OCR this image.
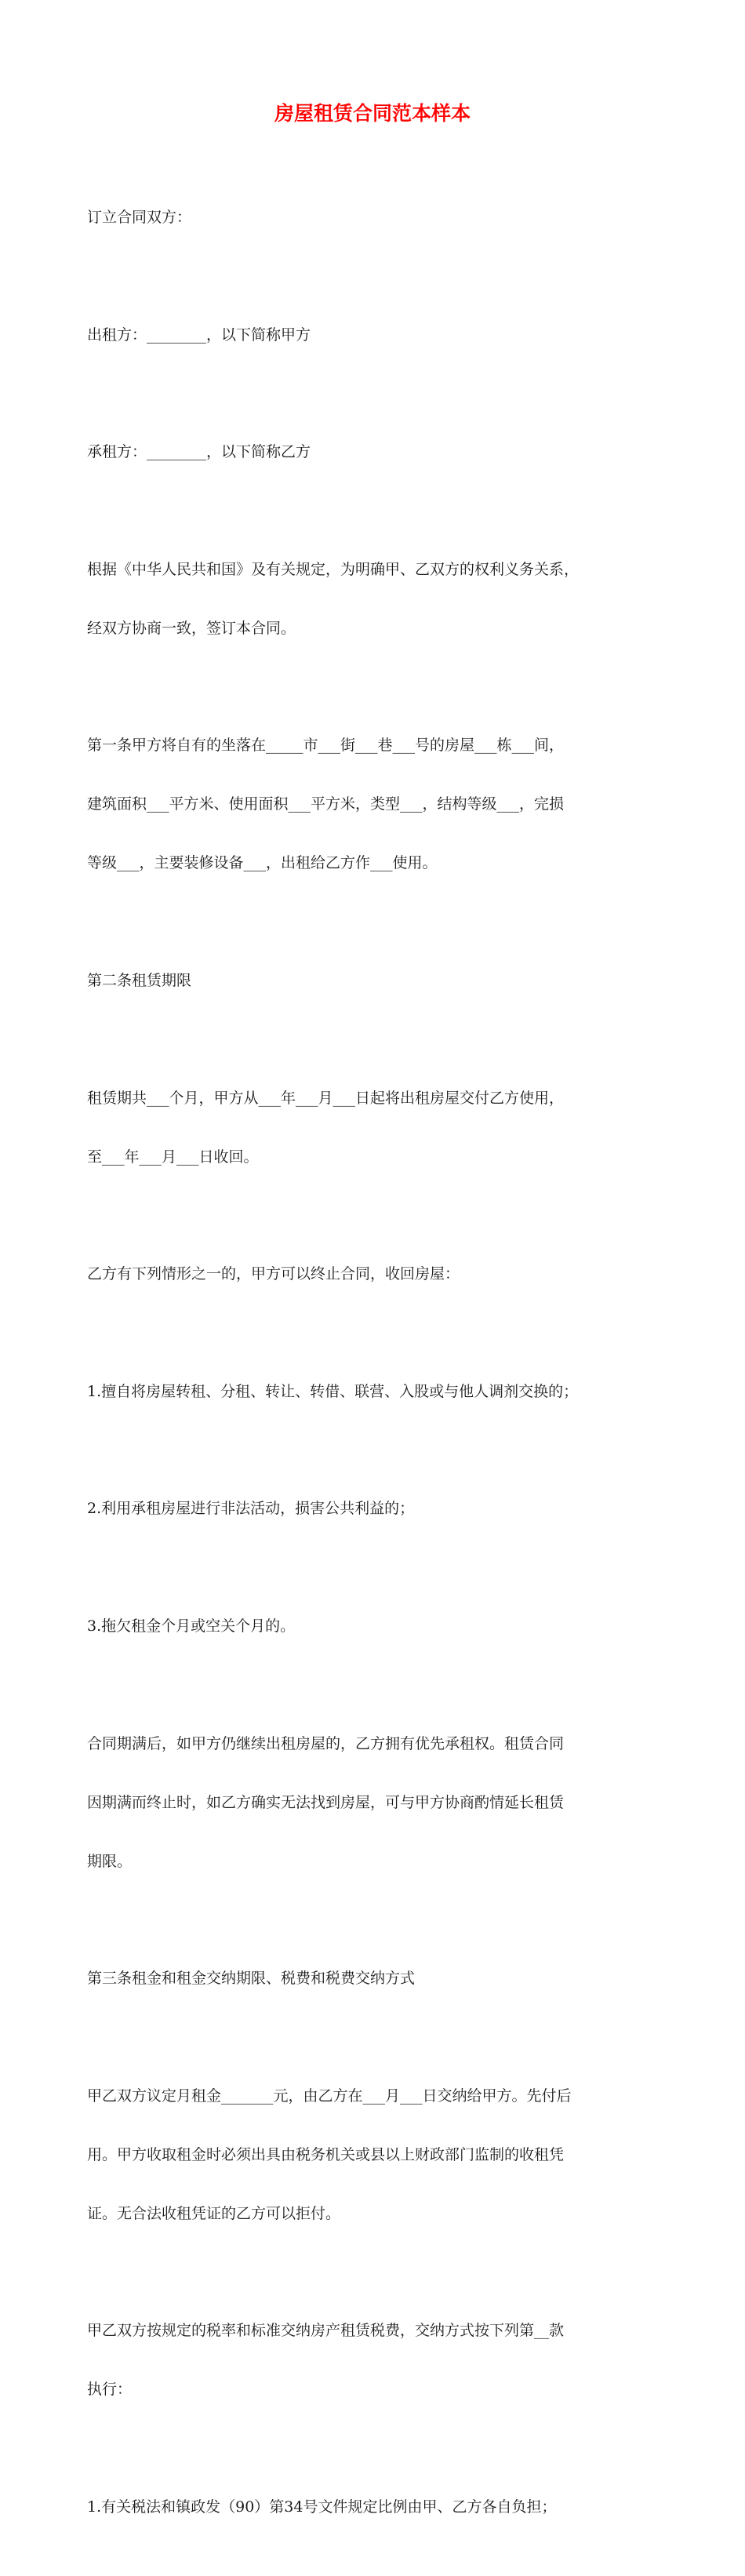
房屋租赁合同范本样本

订立合同双方：

出租方：________，以下简称甲方

承租方：________，以下简称乙方

根据《中华人民共和国》及有关规定，为明确甲、乙双方的权利义务关系，

经双方协商一致，签订本合同。

第一条甲方将自有的坐落在_____市___街___巷___号的房屋___栋___间，

建筑面积___平方米、使用面积___平方米，类型___，结构等级___，完损

等级___，主要装修设备___，出租给乙方作___使用。

第二条租赁期限

租赁期共___个月，甲方从___年___月___日起将出租房屋交付乙方使用，

至___年___月___日收回。

乙方有下列情形之一的，甲方可以终止合同，收回房屋：

1.擅自将房屋转租、分租、转让、转借、联营、入股或与他人调剂交换的；

2.利用承租房屋进行非法活动，损害公共利益的；

3.拖欠租金个月或空关个月的。

合同期满后，如甲方仍继续出租房屋的，乙方拥有优先承租权。租赁合同

因期满而终止时，如乙方确实无法找到房屋，可与甲方协商酌情延长租赁

期限。

第三条租金和租金交纳期限、税费和税费交纳方式

甲乙双方议定月租金_______元，由乙方在___月___日交纳给甲方。先付后

用。甲方收取租金时必须出具由税务机关或县以上财政部门监制的收租凭

证。无合法收租凭证的乙方可以拒付。

甲乙双方按规定的税率和标准交纳房产租赁税费，交纳方式按下列第__款

执行：

1.有关税法和镇政发（90）第34号文件规定比例由甲、乙方各自负担；
